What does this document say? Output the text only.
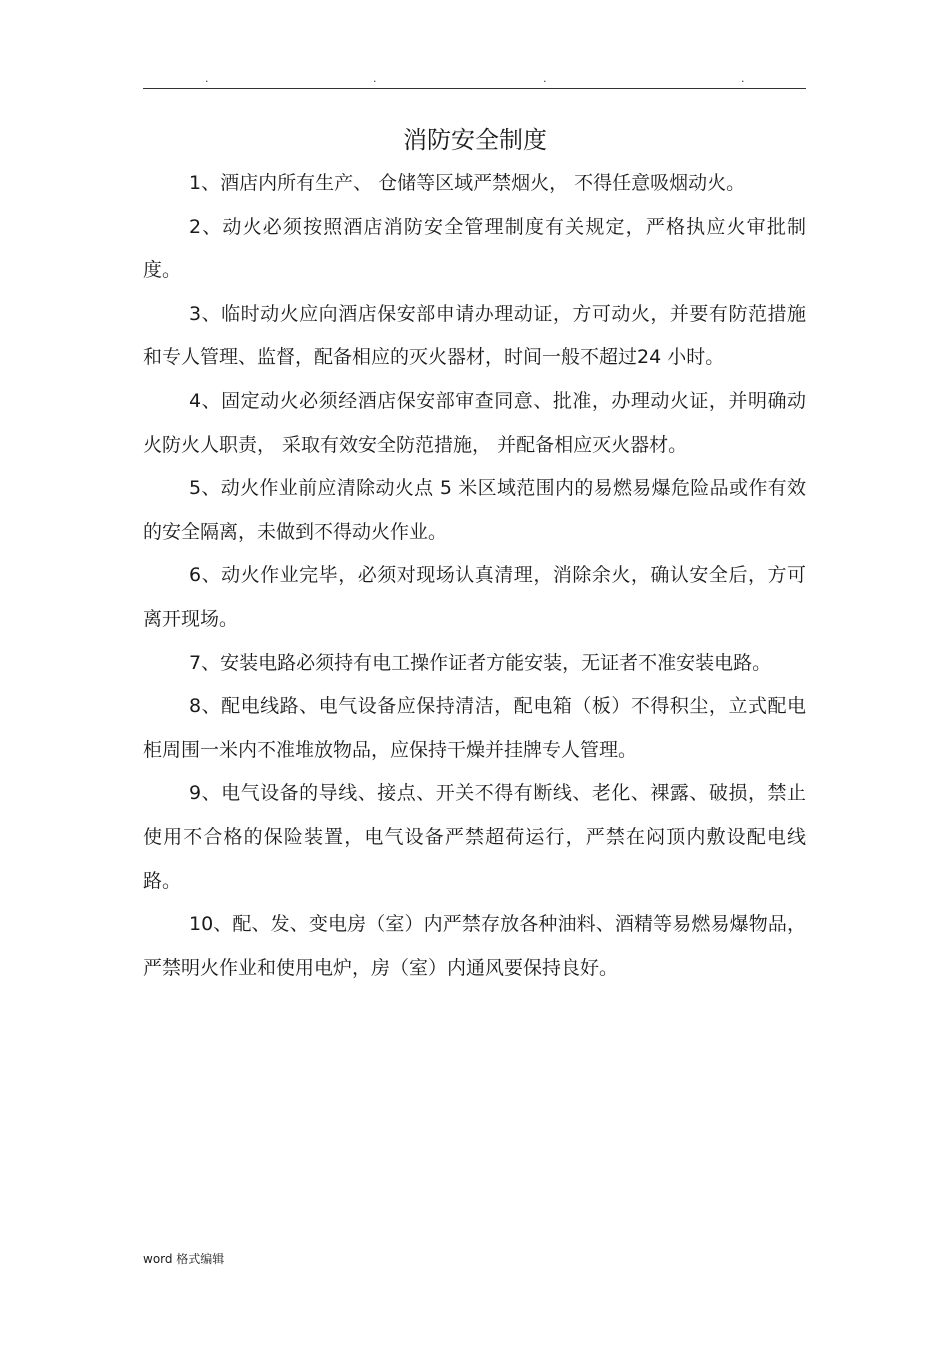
.	.	.	.
消防安全制度

1、酒店内所有生产、 仓储等区域严禁烟火， 不得任意吸烟动火。

2、动火必须按照酒店消防安全管理制度有关规定，严格执应火审批制度。

3、临时动火应向酒店保安部申请办理动证，方可动火，并要有防范措施和专人管理、监督，配备相应的灭火器材，时间一般不超过24 小时。

4、固定动火必须经酒店保安部审查同意、批准，办理动火证，并明确动火防火人职责， 采取有效安全防范措施， 并配备相应灭火器材。

5、动火作业前应清除动火点 5 米区域范围内的易燃易爆危险品或作有效的安全隔离，未做到不得动火作业。

6、动火作业完毕，必须对现场认真清理，消除余火，确认安全后，方可离开现场。

7、安装电路必须持有电工操作证者方能安装，无证者不准安装电路。

8、配电线路、电气设备应保持清洁，配电箱（板）不得积尘，立式配电柜周围一米内不准堆放物品，应保持干燥并挂牌专人管理。

9、电气设备的导线、接点、开关不得有断线、老化、裸露、破损，禁止使用不合格的保险装置，电气设备严禁超荷运行，严禁在闷顶内敷设配电线路。

10、配、发、变电房（室）内严禁存放各种油料、酒精等易燃易爆物品，严禁明火作业和使用电炉，房（室）内通风要保持良好。

word 格式编辑
